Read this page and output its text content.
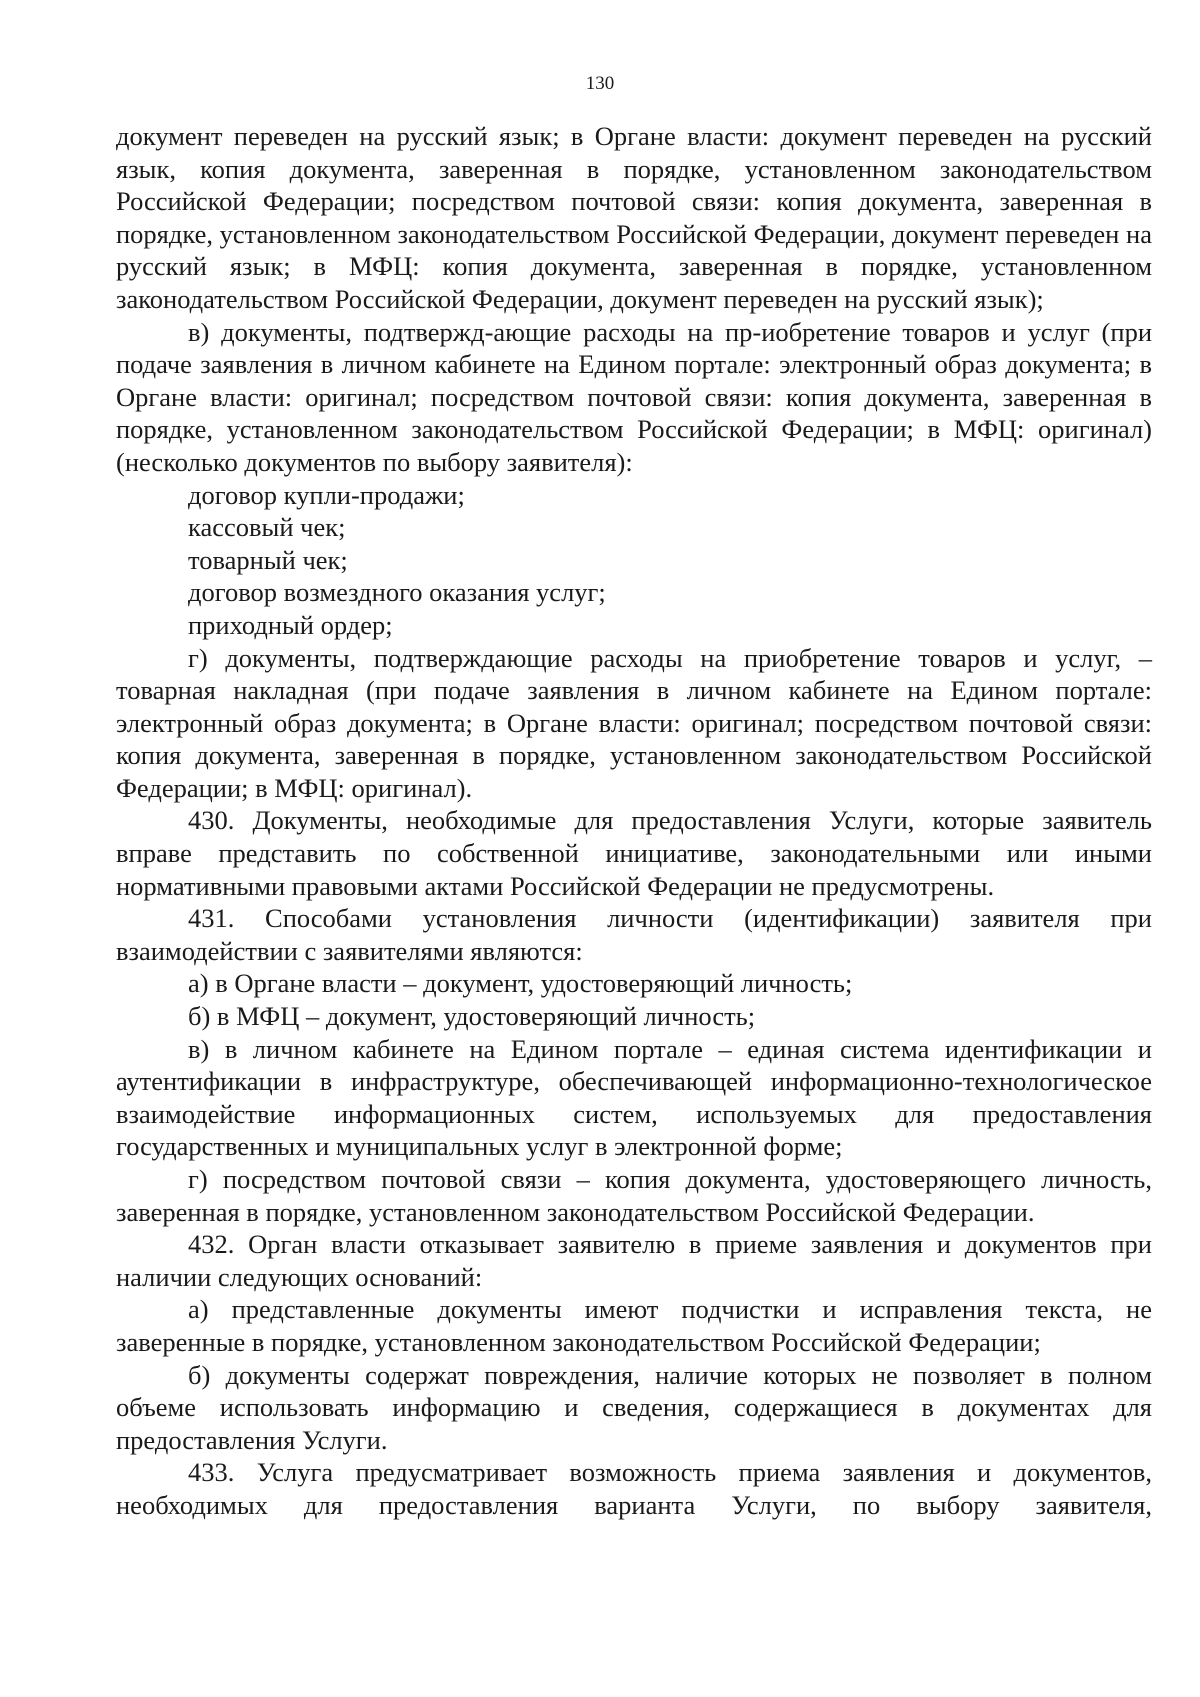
130

документ переведен на русский язык; в Органе власти: документ переведен на русский язык, копия документа, заверенная в порядке, установленном законодательством Российской Федерации; посредством почтовой связи: копия документа, заверенная в порядке, установленном законодательством Российской Федерации, документ переведен на русский язык; в МФЦ: копия документа, заверенная в порядке, установленном законодательством Российской Федерации, документ переведен на русский язык);

в) документы, подтвержд-ающие расходы на пр-иобретение товаров и услуг (при подаче заявления в личном кабинете на Едином портале: электронный образ документа; в Органе власти: оригинал; посредством почтовой связи: копия документа, заверенная в порядке, установленном законодательством Российской Федерации; в МФЦ: оригинал) (несколько документов по выбору заявителя):

договор купли-продажи;

кассовый чек;

товарный чек;

договор возмездного оказания услуг;

приходный ордер;

г) документы, подтверждающие расходы на приобретение товаров и услуг, – товарная накладная (при подаче заявления в личном кабинете на Едином портале: электронный образ документа; в Органе власти: оригинал; посредством почтовой связи: копия документа, заверенная в порядке, установленном законодательством Российской Федерации; в МФЦ: оригинал).

430. Документы, необходимые для предоставления Услуги, которые заявитель вправе представить по собственной инициативе, законодательными или иными нормативными правовыми актами Российской Федерации не предусмотрены.

431. Способами установления личности (идентификации) заявителя при взаимодействии с заявителями являются:

а) в Органе власти – документ, удостоверяющий личность;

б) в МФЦ – документ, удостоверяющий личность;

в) в личном кабинете на Едином портале – единая система идентификации и аутентификации в инфраструктуре, обеспечивающей информационно-технологическое взаимодействие информационных систем, используемых для предоставления государственных и муниципальных услуг в электронной форме;

г) посредством почтовой связи – копия документа, удостоверяющего личность, заверенная в порядке, установленном законодательством Российской Федерации.

432. Орган власти отказывает заявителю в приеме заявления и документов при наличии следующих оснований:

а) представленные документы имеют подчистки и исправления текста, не заверенные в порядке, установленном законодательством Российской Федерации;

б) документы содержат повреждения, наличие которых не позволяет в полном объеме использовать информацию и сведения, содержащиеся в документах для предоставления Услуги.

433. Услуга предусматривает возможность приема заявления и документов, необходимых для предоставления варианта Услуги, по выбору заявителя,
